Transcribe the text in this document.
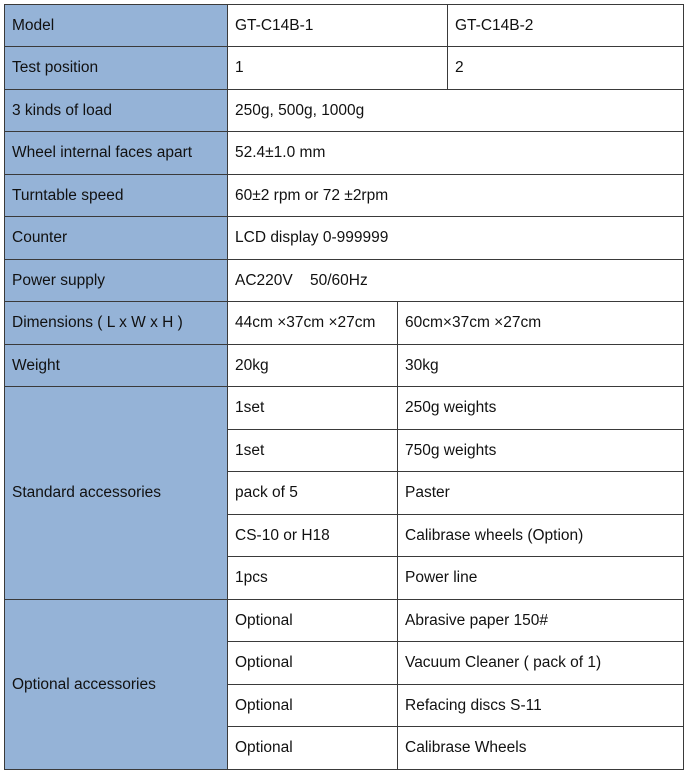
Model	GT-C14B-1		GT-C14B-2
Test position	1		2
3 kinds of load	250g, 500g, 1000g		
Wheel internal faces apart	52.4±1.0 mm		
Turntable speed	60±2 rpm or 72 ±2rpm		
Counter	LCD display 0-999999		
Power supply	AC220V    50/60Hz		
Dimensions ( L x W x H )	44cm ×37cm ×27cm	60cm×37cm ×27cm	
Weight	20kg	30kg	
Standard accessories	1set	250g weights	
	1set	750g weights	
	pack of 5	Paster	
	CS-10 or H18	Calibrase wheels (Option)	
	1pcs	Power line	
Optional accessories	Optional	Abrasive paper 150#	
	Optional	Vacuum Cleaner ( pack of 1)	
	Optional	Refacing discs S-11	
	Optional	Calibrase Wheels	
